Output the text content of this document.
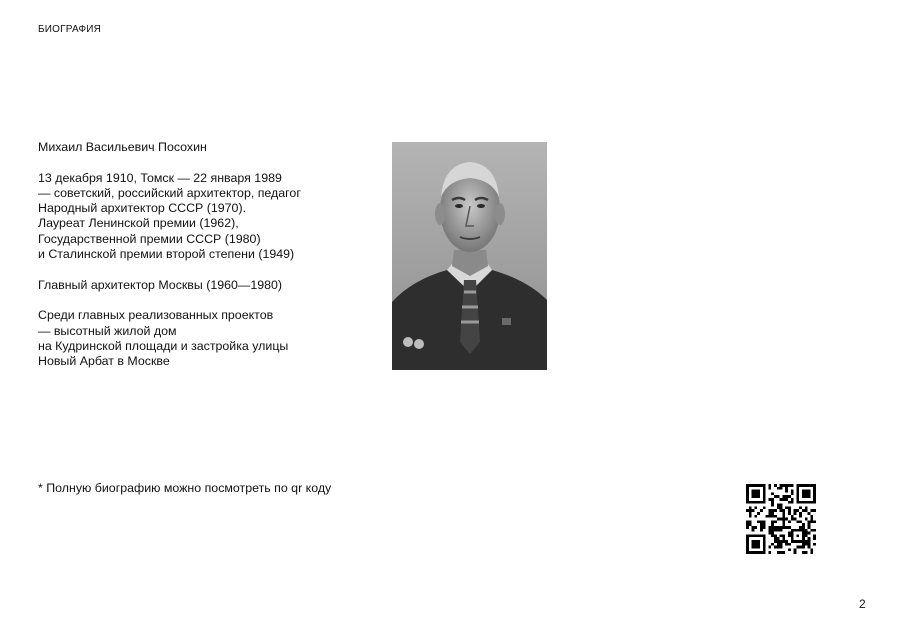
БИОГРАФИЯ

Михаил Васильевич Посохин

13 декабря 1910, Томск — 22 января 1989
— советский, российский архитектор, педагог
Народный архитектор СССР (1970).
Лауреат Ленинской премии (1962),
Государственной премии СССР (1980)
и Сталинской премии второй степени (1949)

Главный архитектор Москвы (1960—1980)

Среди главных реализованных проектов
— высотный жилой дом
на Кудринской площади и застройка улицы
Новый Арбат в Москве

* Полную биографию можно посмотреть по qr коду
2
